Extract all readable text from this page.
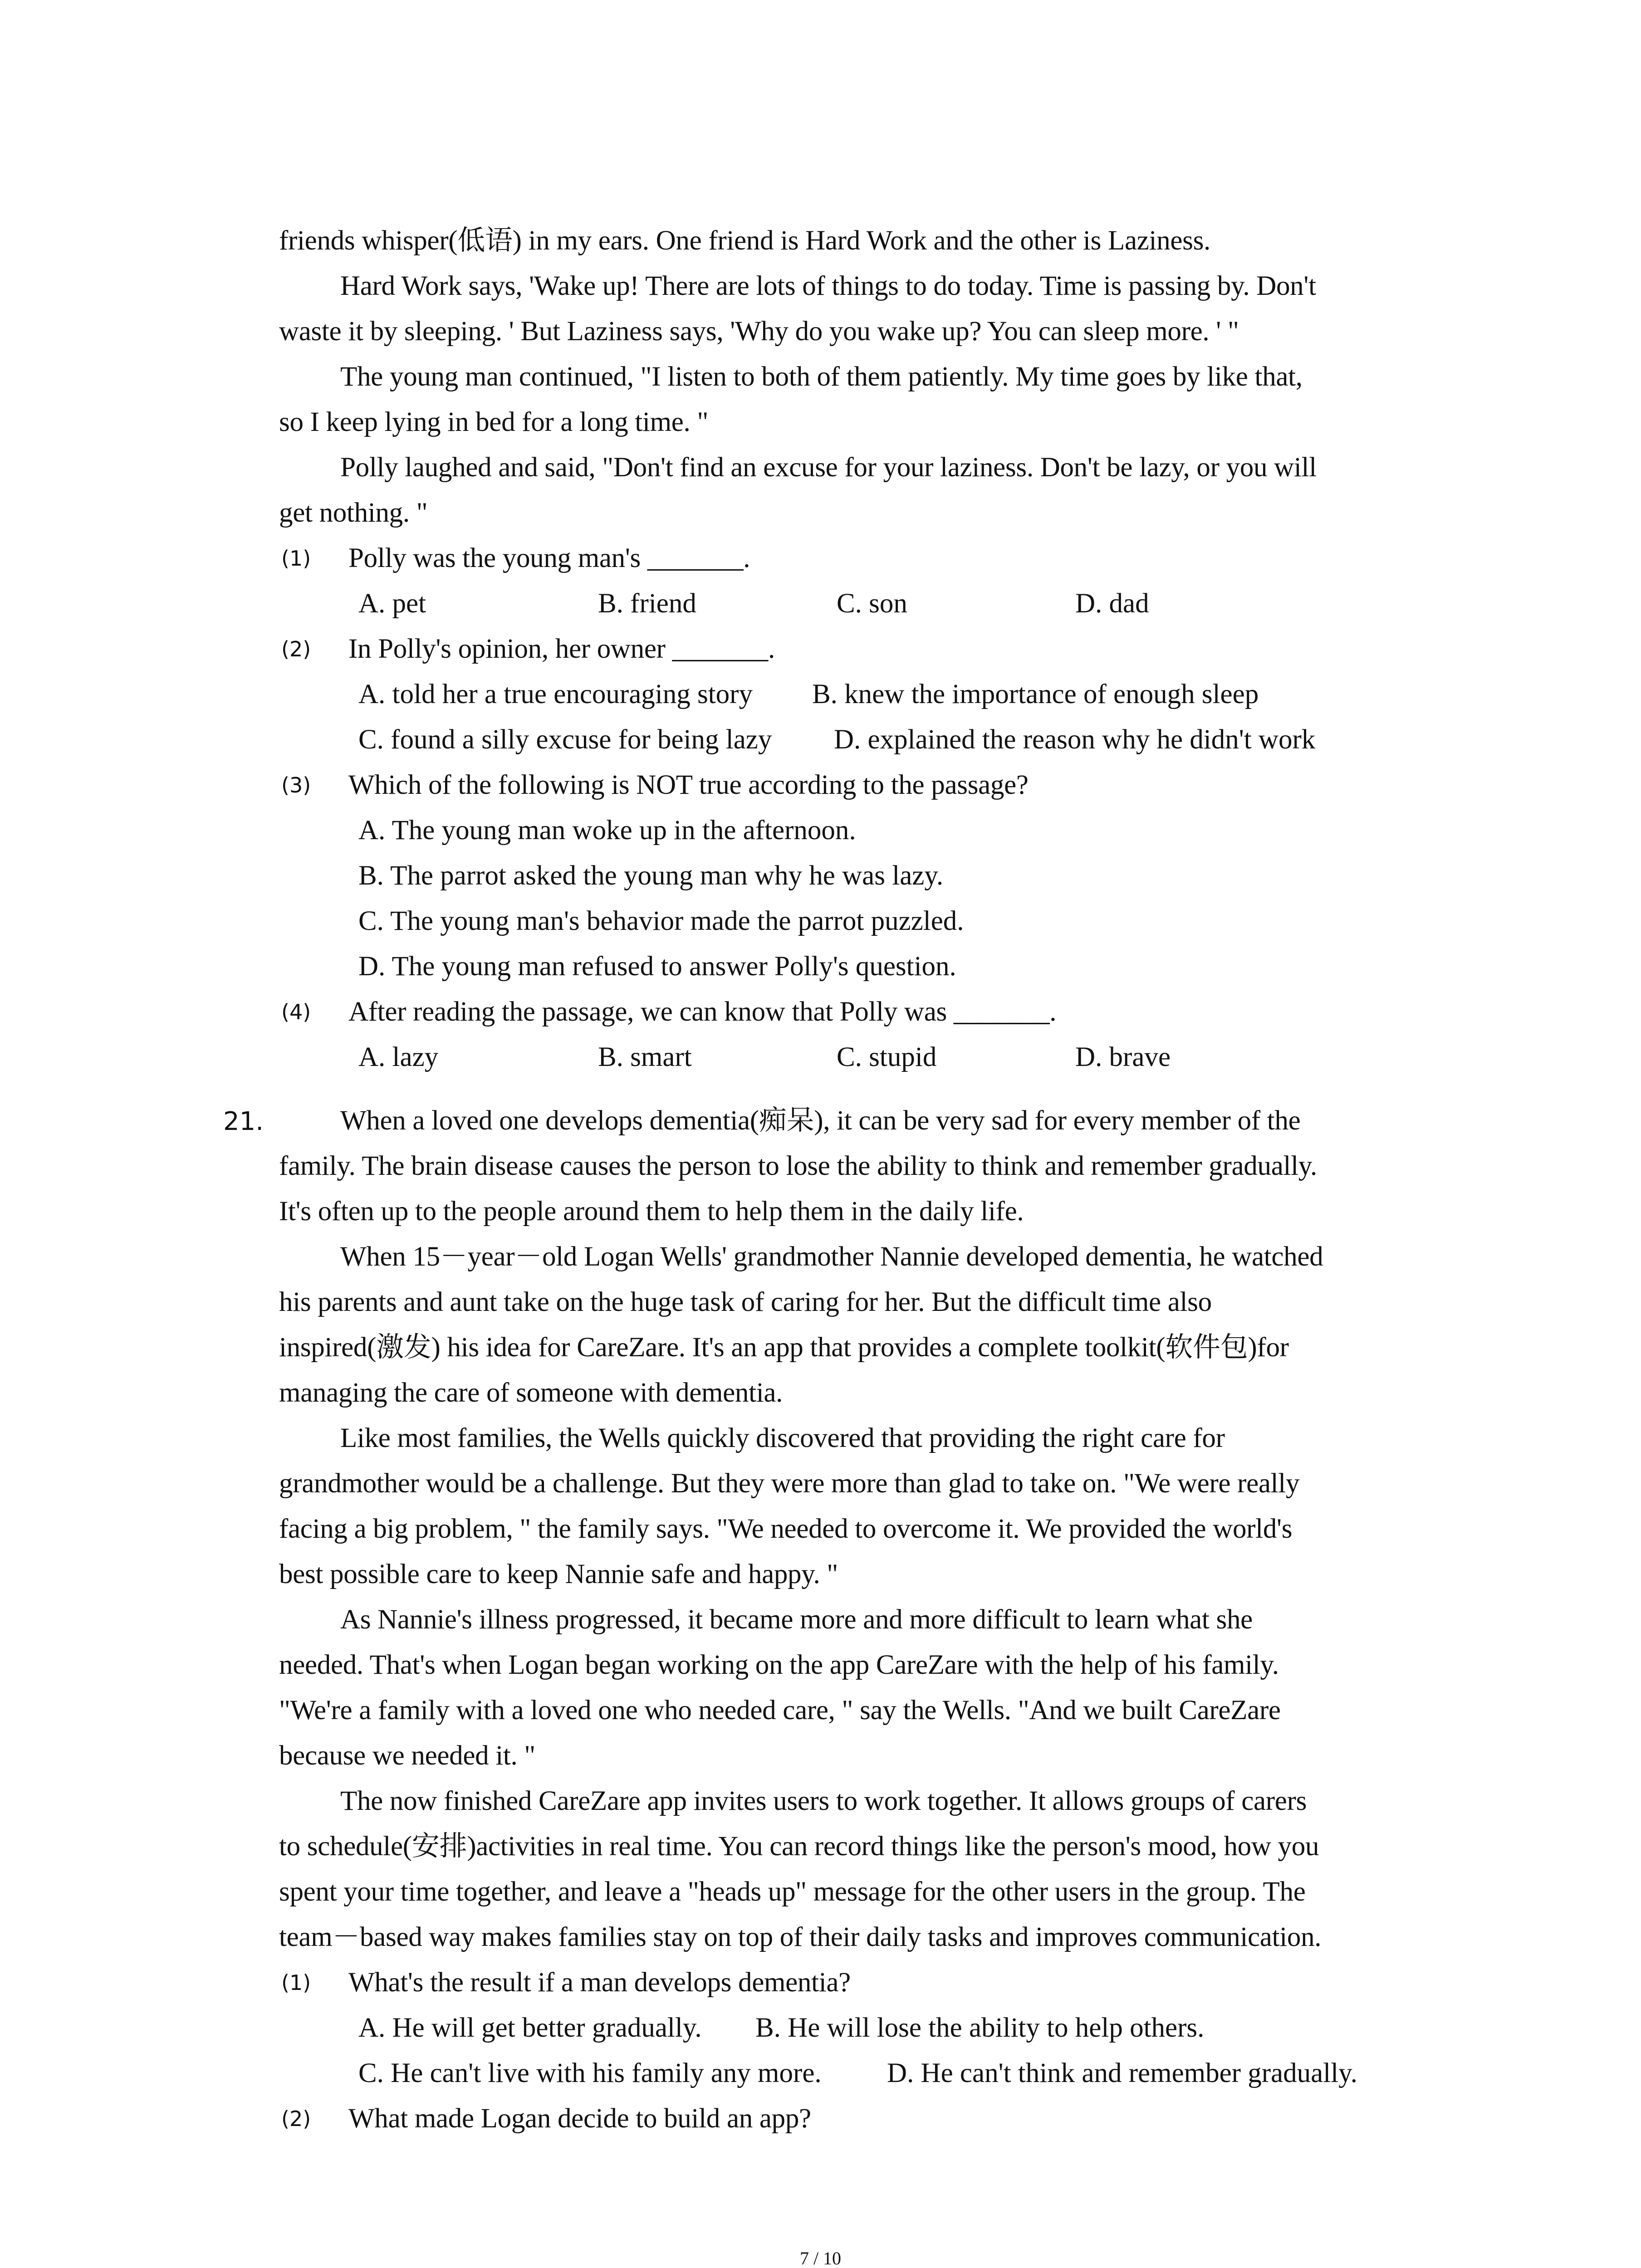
friends whisper(低语) in my ears. One friend is Hard Work and the other is Laziness.
Hard Work says, 'Wake up! There are lots of things to do today. Time is passing by. Don't
waste it by sleeping. ' But Laziness says, 'Why do you wake up? You can sleep more. ' "
The young man continued, "I listen to both of them patiently. My time goes by like that,
so I keep lying in bed for a long time. "
Polly laughed and said, "Don't find an excuse for your laziness. Don't be lazy, or you will
get nothing. "
(1) Polly was the young man's _______.
A. pet	B. friend	C. son	D. dad
(2) In Polly's opinion, her owner _______.
A. told her a true encouraging story B. knew the importance of enough sleep
C. found a silly excuse for being lazy D. explained the reason why he didn't work
(3) Which of the following is NOT true according to the passage?
A. The young man woke up in the afternoon.
B. The parrot asked the young man why he was lazy.
C. The young man's behavior made the parrot puzzled.
D. The young man refused to answer Polly's question.
(4) After reading the passage, we can know that Polly was _______.
A. lazy	B. smart	C. stupid	D. brave
21.	When a loved one develops dementia(痴呆), it can be very sad for every member of the
family. The brain disease causes the person to lose the ability to think and remember gradually.
It's often up to the people around them to help them in the daily life.
When 15－year－old Logan Wells' grandmother Nannie developed dementia, he watched
his parents and aunt take on the huge task of caring for her. But the difficult time also
inspired(激发) his idea for CareZare. It's an app that provides a complete toolkit(软件包)for
managing the care of someone with dementia.
Like most families, the Wells quickly discovered that providing the right care for
grandmother would be a challenge. But they were more than glad to take on. "We were really
facing a big problem, " the family says. "We needed to overcome it. We provided the world's
best possible care to keep Nannie safe and happy. "
As Nannie's illness progressed, it became more and more difficult to learn what she
needed. That's when Logan began working on the app CareZare with the help of his family.
"We're a family with a loved one who needed care, " say the Wells. "And we built CareZare
because we needed it. "
The now finished CareZare app invites users to work together. It allows groups of carers
to schedule(安排)activities in real time. You can record things like the person's mood, how you
spent your time together, and leave a "heads up" message for the other users in the group. The
team－based way makes families stay on top of their daily tasks and improves communication.
(1) What's the result if a man develops dementia?
A. He will get better gradually. B. He will lose the ability to help others.
C. He can't live with his family any more. D. He can't think and remember gradually.
(2) What made Logan decide to build an app?
7 / 10
